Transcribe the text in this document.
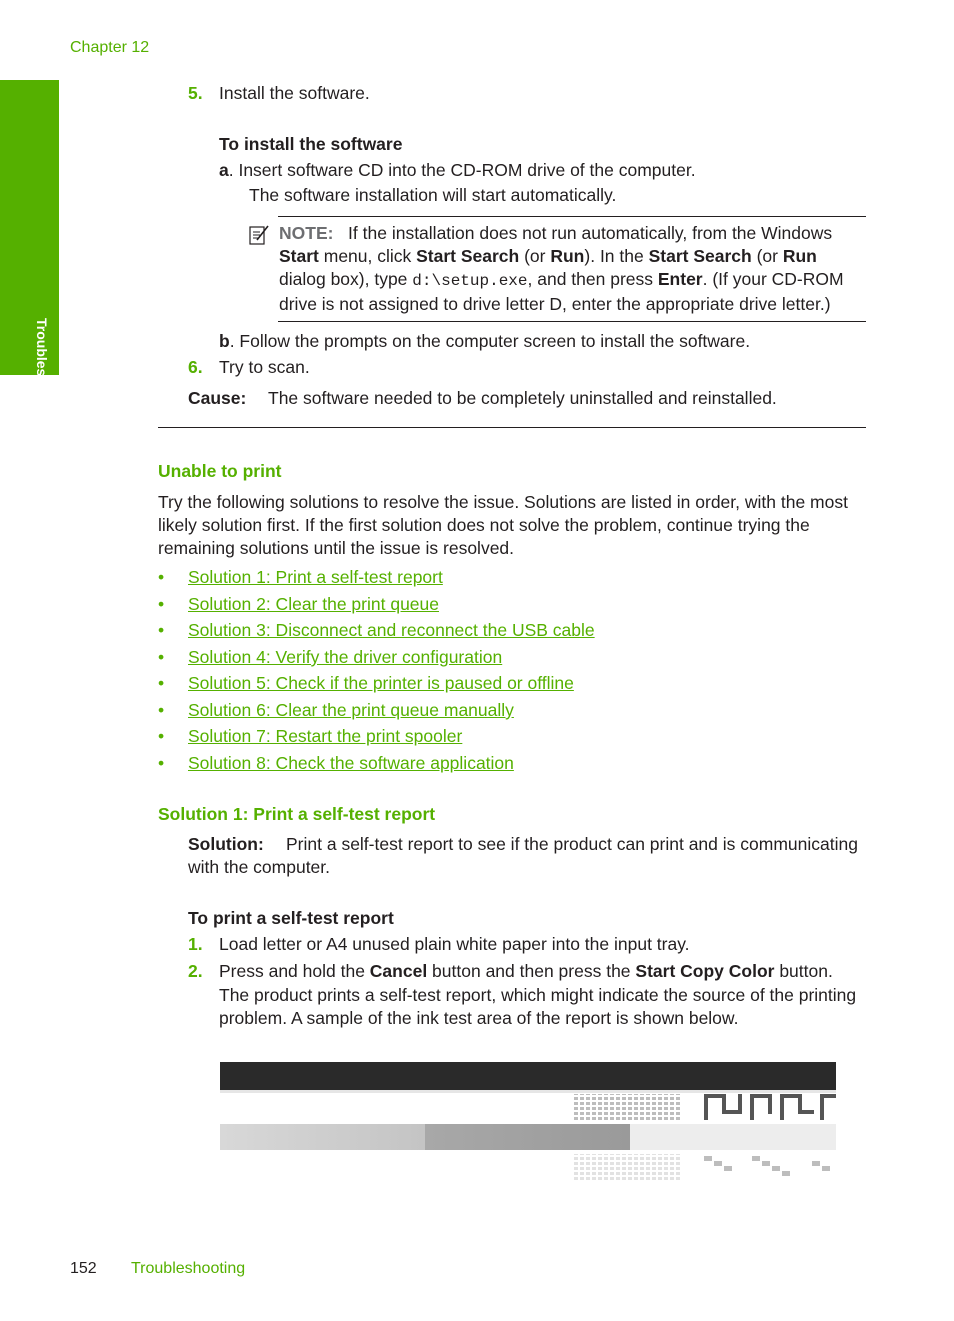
Chapter 12
Troubleshooting
5. Install the software.
To install the software
a. Insert software CD into the CD-ROM drive of the computer.
The software installation will start automatically.
NOTE: If the installation does not run automatically, from the Windows
Start menu, click Start Search (or Run). In the Start Search (or Run
dialog box), type d:\setup.exe, and then press Enter. (If your CD-ROM
drive is not assigned to drive letter D, enter the appropriate drive letter.)
b. Follow the prompts on the computer screen to install the software.
6. Try to scan.
Cause: The software needed to be completely uninstalled and reinstalled.
Unable to print
Try the following solutions to resolve the issue. Solutions are listed in order, with the most
likely solution first. If the first solution does not solve the problem, continue trying the
remaining solutions until the issue is resolved.
• Solution 1: Print a self-test report
• Solution 2: Clear the print queue
• Solution 3: Disconnect and reconnect the USB cable
• Solution 4: Verify the driver configuration
• Solution 5: Check if the printer is paused or offline
• Solution 6: Clear the print queue manually
• Solution 7: Restart the print spooler
• Solution 8: Check the software application
Solution 1: Print a self-test report
Solution: Print a self-test report to see if the product can print and is communicating
with the computer.
To print a self-test report
1. Load letter or A4 unused plain white paper into the input tray.
2. Press and hold the Cancel button and then press the Start Copy Color button.
The product prints a self-test report, which might indicate the source of the printing
problem. A sample of the ink test area of the report is shown below.
152 Troubleshooting
